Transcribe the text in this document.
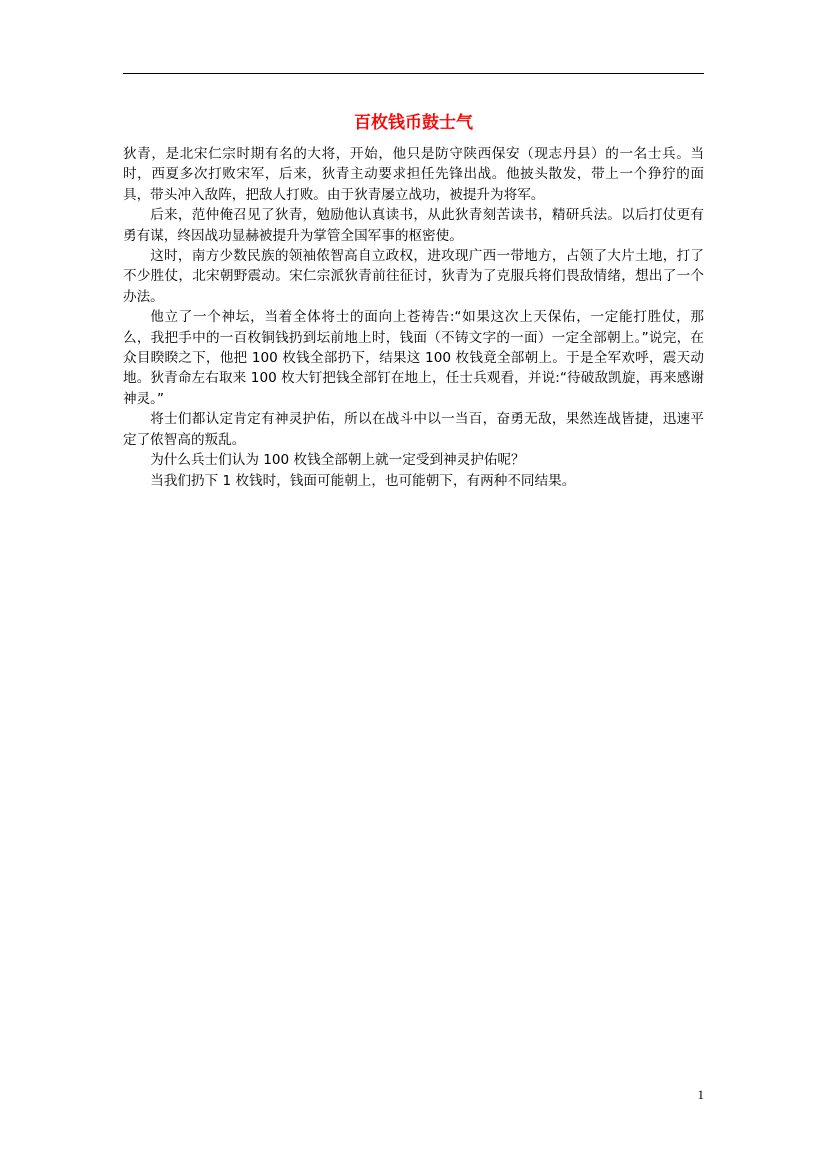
百枚钱币鼓士气

狄青，是北宋仁宗时期有名的大将，开始，他只是防守陕西保安（现志丹县）的一名士兵。当时，西夏多次打败宋军，后来，狄青主动要求担任先锋出战。他披头散发，带上一个狰狞的面具，带头冲入敌阵，把敌人打败。由于狄青屡立战功，被提升为将军。

后来，范仲俺召见了狄青，勉励他认真读书，从此狄青刻苦读书，精研兵法。以后打仗更有勇有谋，终因战功显赫被提升为掌管全国军事的枢密使。

这时，南方少数民族的领袖侬智高自立政权，进攻现广西一带地方，占领了大片土地，打了不少胜仗，北宋朝野震动。宋仁宗派狄青前往征讨，狄青为了克服兵将们畏敌情绪，想出了一个办法。

他立了一个神坛，当着全体将士的面向上苍祷告:“如果这次上天保佑，一定能打胜仗，那么，我把手中的一百枚铜钱扔到坛前地上时，钱面（不铸文字的一面）一定全部朝上。”说完，在众目睽睽之下，他把 100 枚钱全部扔下，结果这 100 枚钱竟全部朝上。于是全军欢呼，震天动地。狄青命左右取来 100 枚大钉把钱全部钉在地上，任士兵观看，并说:“待破敌凯旋，再来感谢神灵。”

将士们都认定肯定有神灵护佑，所以在战斗中以一当百，奋勇无敌，果然连战皆捷，迅速平定了侬智高的叛乱。

为什么兵士们认为 100 枚钱全部朝上就一定受到神灵护佑呢？

当我们扔下 1 枚钱时，钱面可能朝上，也可能朝下，有两种不同结果。

1
